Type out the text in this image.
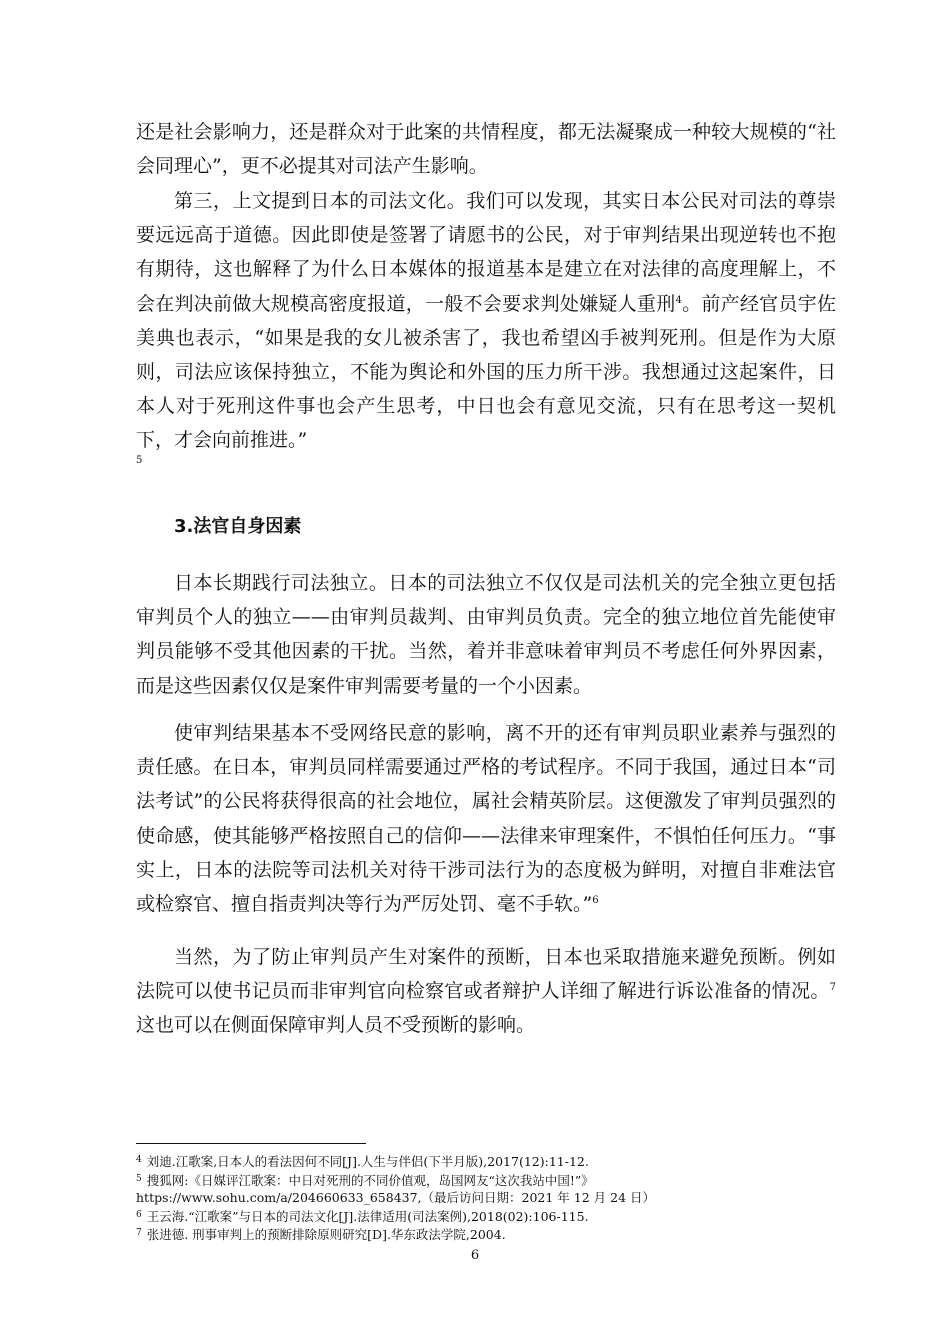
还是社会影响力，还是群众对于此案的共情程度，都无法凝聚成一种较大规模的“社会同理心”，更不必提其对司法产生影响。

第三，上文提到日本的司法文化。我们可以发现，其实日本公民对司法的尊崇要远远高于道德。因此即使是签署了请愿书的公民，对于审判结果出现逆转也不抱有期待，这也解释了为什么日本媒体的报道基本是建立在对法律的高度理解上，不会在判决前做大规模高密度报道，一般不会要求判处嫌疑人重刑$^4$。前产经官员宇佐美典也表示，“如果是我的女儿被杀害了，我也希望凶手被判死刑。但是作为大原则，司法应该保持独立，不能为舆论和外国的压力所干涉。我想通过这起案件，日本人对于死刑这件事也会产生思考，中日也会有意见交流，只有在思考这一契机下，才会向前推进。”

5

3.法官自身因素

日本长期践行司法独立。日本的司法独立不仅仅是司法机关的完全独立更包括审判员个人的独立——由审判员裁判、由审判员负责。完全的独立地位首先能使审判员能够不受其他因素的干扰。当然，着并非意味着审判员不考虑任何外界因素，而是这些因素仅仅是案件审判需要考量的一个小因素。

使审判结果基本不受网络民意的影响，离不开的还有审判员职业素养与强烈的责任感。在日本，审判员同样需要通过严格的考试程序。不同于我国，通过日本“司法考试”的公民将获得很高的社会地位，属社会精英阶层。这便激发了审判员强烈的使命感，使其能够严格按照自己的信仰——法律来审理案件，不惧怕任何压力。“事实上，日本的法院等司法机关对待干涉司法行为的态度极为鲜明，对擅自非难法官或检察官、擅自指责判决等行为严厉处罚、毫不手软。”$^6$

当然，为了防止审判员产生对案件的预断，日本也采取措施来避免预断。例如法院可以使书记员而非审判官向检察官或者辩护人详细了解进行诉讼准备的情况。$^7$这也可以在侧面保障审判人员不受预断的影响。

$^4$ 刘迪.江歌案,日本人的看法因何不同[J].人生与伴侣(下半月版),2017(12):11-12.

$^5$ 搜狐网:《日媒评江歌案：中日对死刑的不同价值观，岛国网友“这次我站中国!”》
https://www.sohu.com/a/204660633_658437,（最后访问日期：2021 年 12 月 24 日）

$^6$ 王云海.“江歌案”与日本的司法文化[J].法律适用(司法案例),2018(02):106-115.

$^7$ 张进德. 刑事审判上的预断排除原则研究[D].华东政法学院,2004.

6
